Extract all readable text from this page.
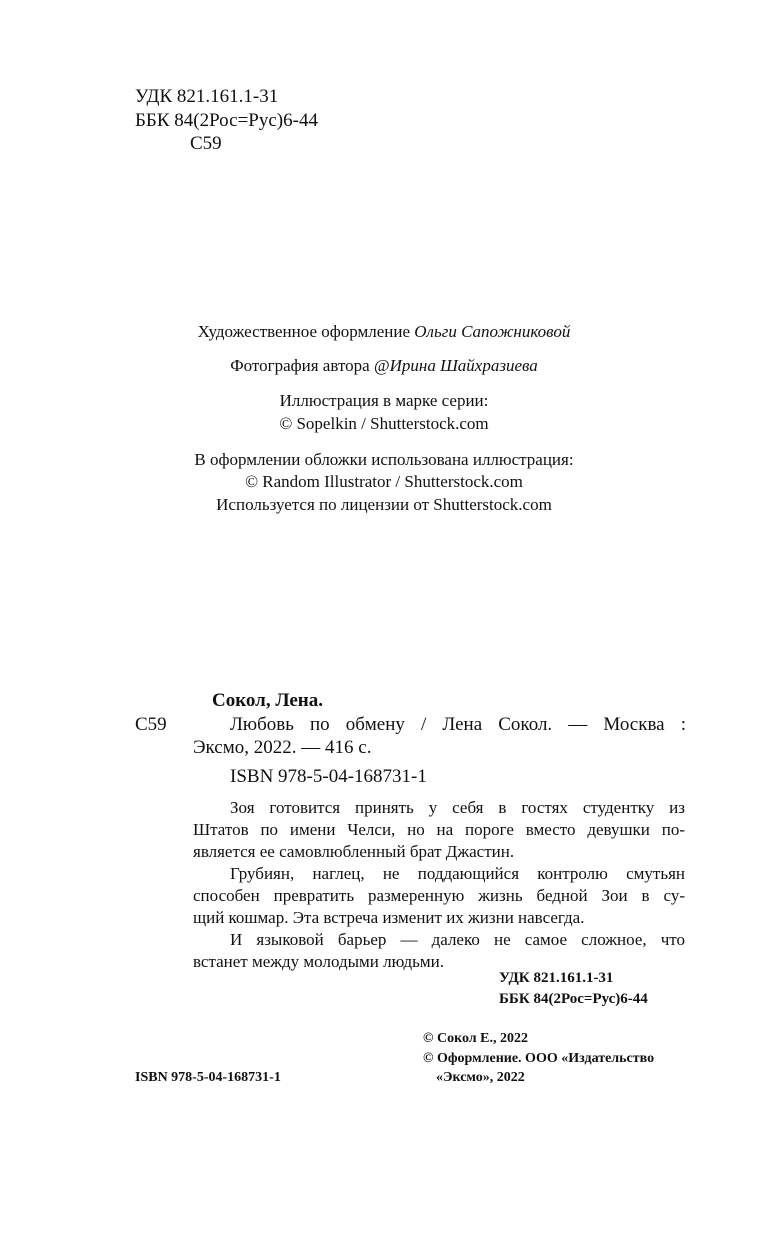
УДК 821.161.1-31
ББК 84(2Рос=Рус)6-44
С59
Художественное оформление Ольги Сапожниковой
Фотография автора @Ирина Шайхразиева
Иллюстрация в марке серии:
© Sopelkin / Shutterstock.com
В оформлении обложки использована иллюстрация:
© Random Illustrator / Shutterstock.com
Используется по лицензии от Shutterstock.com
Сокол, Лена.
С59	Любовь по обмену / Лена Сокол. — Москва :
Эксмо, 2022. — 416 с.
ISBN 978-5-04-168731-1
Зоя готовится принять у себя в гостях студентку из
Штатов по имени Челси, но на пороге вместо девушки по-
является ее самовлюбленный брат Джастин.
Грубиян, наглец, не поддающийся контролю смутьян
способен превратить размеренную жизнь бедной Зои в су-
щий кошмар. Эта встреча изменит их жизни навсегда.
И языковой барьер — далеко не самое сложное, что
встанет между молодыми людьми.
УДК 821.161.1-31
ББК 84(2Рос=Рус)6-44
© Сокол Е., 2022
© Оформление. ООО «Издательство
«Эксмо», 2022
ISBN 978-5-04-168731-1
